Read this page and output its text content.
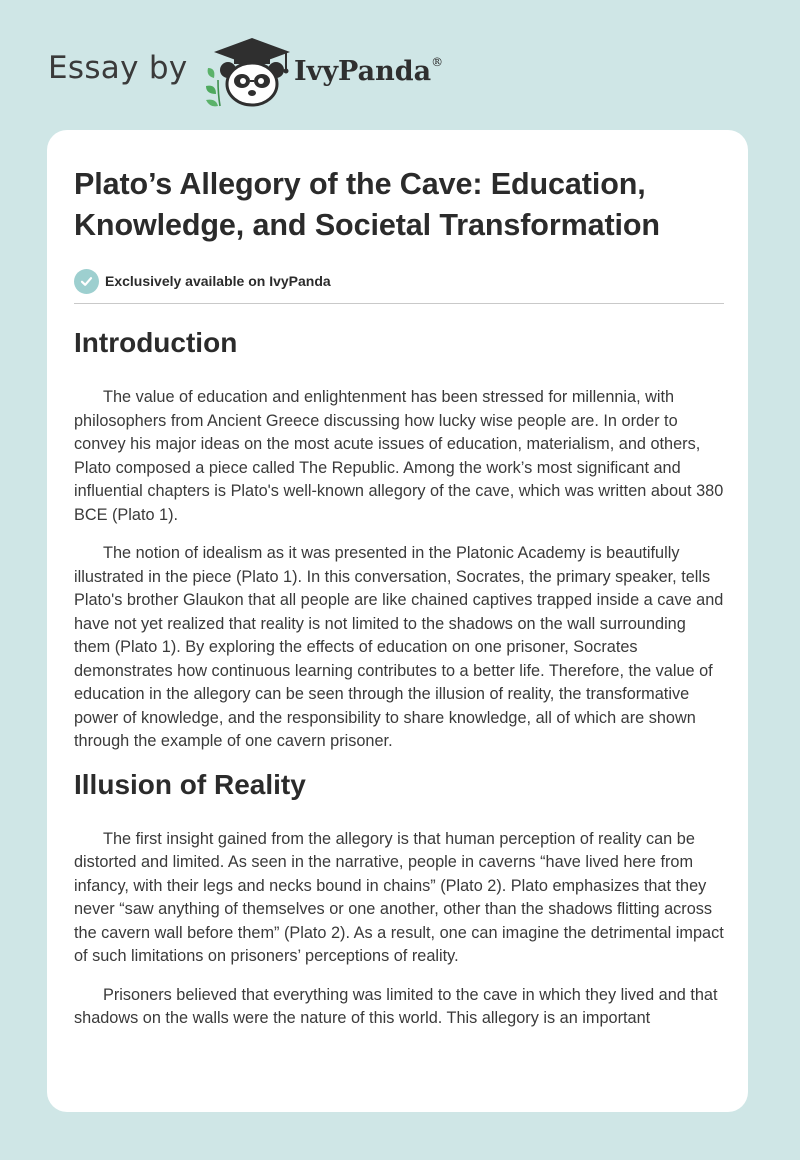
Essay by	IvyPanda®
Plato’s Allegory of the Cave: Education, Knowledge, and Societal Transformation
Exclusively available on IvyPanda
Introduction

The value of education and enlightenment has been stressed for millennia, with philosophers from Ancient Greece discussing how lucky wise people are. In order to convey his major ideas on the most acute issues of education, materialism, and others, Plato composed a piece called The Republic. Among the work’s most significant and influential chapters is Plato's well-known allegory of the cave, which was written about 380 BCE (Plato 1).

The notion of idealism as it was presented in the Platonic Academy is beautifully illustrated in the piece (Plato 1). In this conversation, Socrates, the primary speaker, tells Plato's brother Glaukon that all people are like chained captives trapped inside a cave and have not yet realized that reality is not limited to the shadows on the wall surrounding them (Plato 1). By exploring the effects of education on one prisoner, Socrates demonstrates how continuous learning contributes to a better life. Therefore, the value of education in the allegory can be seen through the illusion of reality, the transformative power of knowledge, and the responsibility to share knowledge, all of which are shown through the example of one cavern prisoner.

Illusion of Reality

The first insight gained from the allegory is that human perception of reality can be distorted and limited. As seen in the narrative, people in caverns “have lived here from infancy, with their legs and necks bound in chains” (Plato 2). Plato emphasizes that they never “saw anything of themselves or one another, other than the shadows flitting across the cavern wall before them” (Plato 2). As a result, one can imagine the detrimental impact of such limitations on prisoners’ perceptions of reality.

Prisoners believed that everything was limited to the cave in which they lived and that shadows on the walls were the nature of this world. This allegory is an important
